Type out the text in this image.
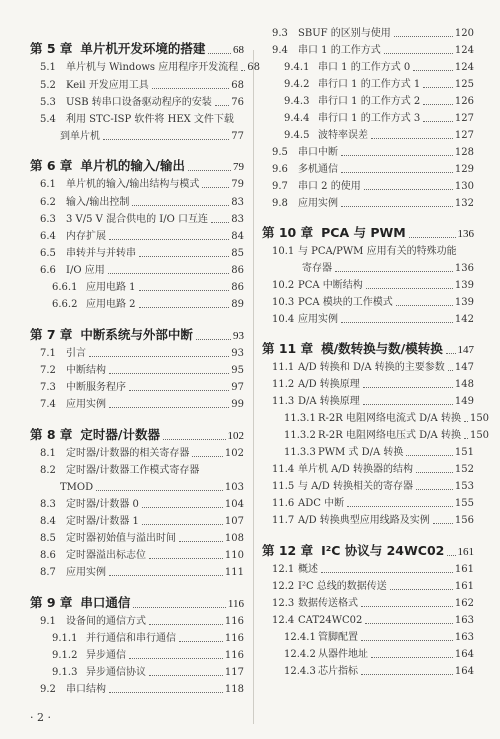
第 5 章 单片机开发环境的搭建	68
5.1	单片机与 Windows 应用程序开发流程 68
5.2	Keil 开发应用工具	68
5.3	USB 转串口设备驱动程序的安装 76
5.4	利用 STC-ISP 软件将 HEX 文件下载
到单片机	77
第 6 章 单片机的输入/输出	79
6.1	单片机的输入/输出结构与模式	79
6.2	输入/输出控制	83
6.3	3 V/5 V 混合供电的 I/O 口互连 83
6.4	内存扩展	84
6.5	串转并与并转串	85
6.6	I/O 应用	86
6.6.1 应用电路 1	86
6.6.2 应用电路 2	89
第 7 章 中断系统与外部中断	93
7.1	引言	93
7.2	中断结构	95
7.3	中断服务程序	97
7.4	应用实例	99
第 8 章 定时器/计数器	102
8.1	定时器/计数器的相关寄存器	102
8.2	定时器/计数器工作模式寄存器
TMOD	103
8.3	定时器/计数器 0	104
8.4	定时器/计数器 1	107
8.5	定时器初始值与溢出时间	108
8.6	定时器溢出标志位	110
8.7	应用实例	111
第 9 章 串口通信	116
9.1	设备间的通信方式	116
9.1.1 并行通信和串行通信	116
9.1.2 异步通信	116
9.1.3 异步通信协议	117
9.2	串口结构	118
9.3	SBUF 的区别与使用	120
9.4	串口 1 的工作方式	124
9.4.1 串口 1 的工作方式 0	124
9.4.2 串行口 1 的工作方式 1	125
9.4.3 串行口 1 的工作方式 2	126
9.4.4 串行口 1 的工作方式 3	127
9.4.5 波特率误差	127
9.5	串口中断	128
9.6	多机通信	129
9.7	串口 2 的使用	130
9.8	应用实例	132
第 10 章 PCA 与 PWM	136
10.1 与 PCA/PWM 应用有关的特殊功能
寄存器	136
10.2 PCA 中断结构	139
10.3 PCA 模块的工作模式	139
10.4 应用实例	142
第 11 章 模/数转换与数/模转换 147
11.1 A/D 转换和 D/A 转换的主要参数 147
11.2 A/D 转换原理	148
11.3 D/A 转换原理	149
11.3.1 R-2R 电阻网络电流式 D/A 转换 150
11.3.2 R-2R 电阻网络电压式 D/A 转换 150
11.3.3 PWM 式 D/A 转换	151
11.4 单片机 A/D 转换器的结构	152
11.5 与 A/D 转换相关的寄存器	153
11.6 ADC 中断	155
11.7 A/D 转换典型应用线路及实例	156
第 12 章 I²C 协议与 24WC02 161
12.1 概述	161
12.2 I²C 总线的数据传送	161
12.3 数据传送格式	162
12.4 CAT24WC02	163
12.4.1 管脚配置	163
12.4.2 从器件地址	164
12.4.3 芯片指标	164
· 2 ·
